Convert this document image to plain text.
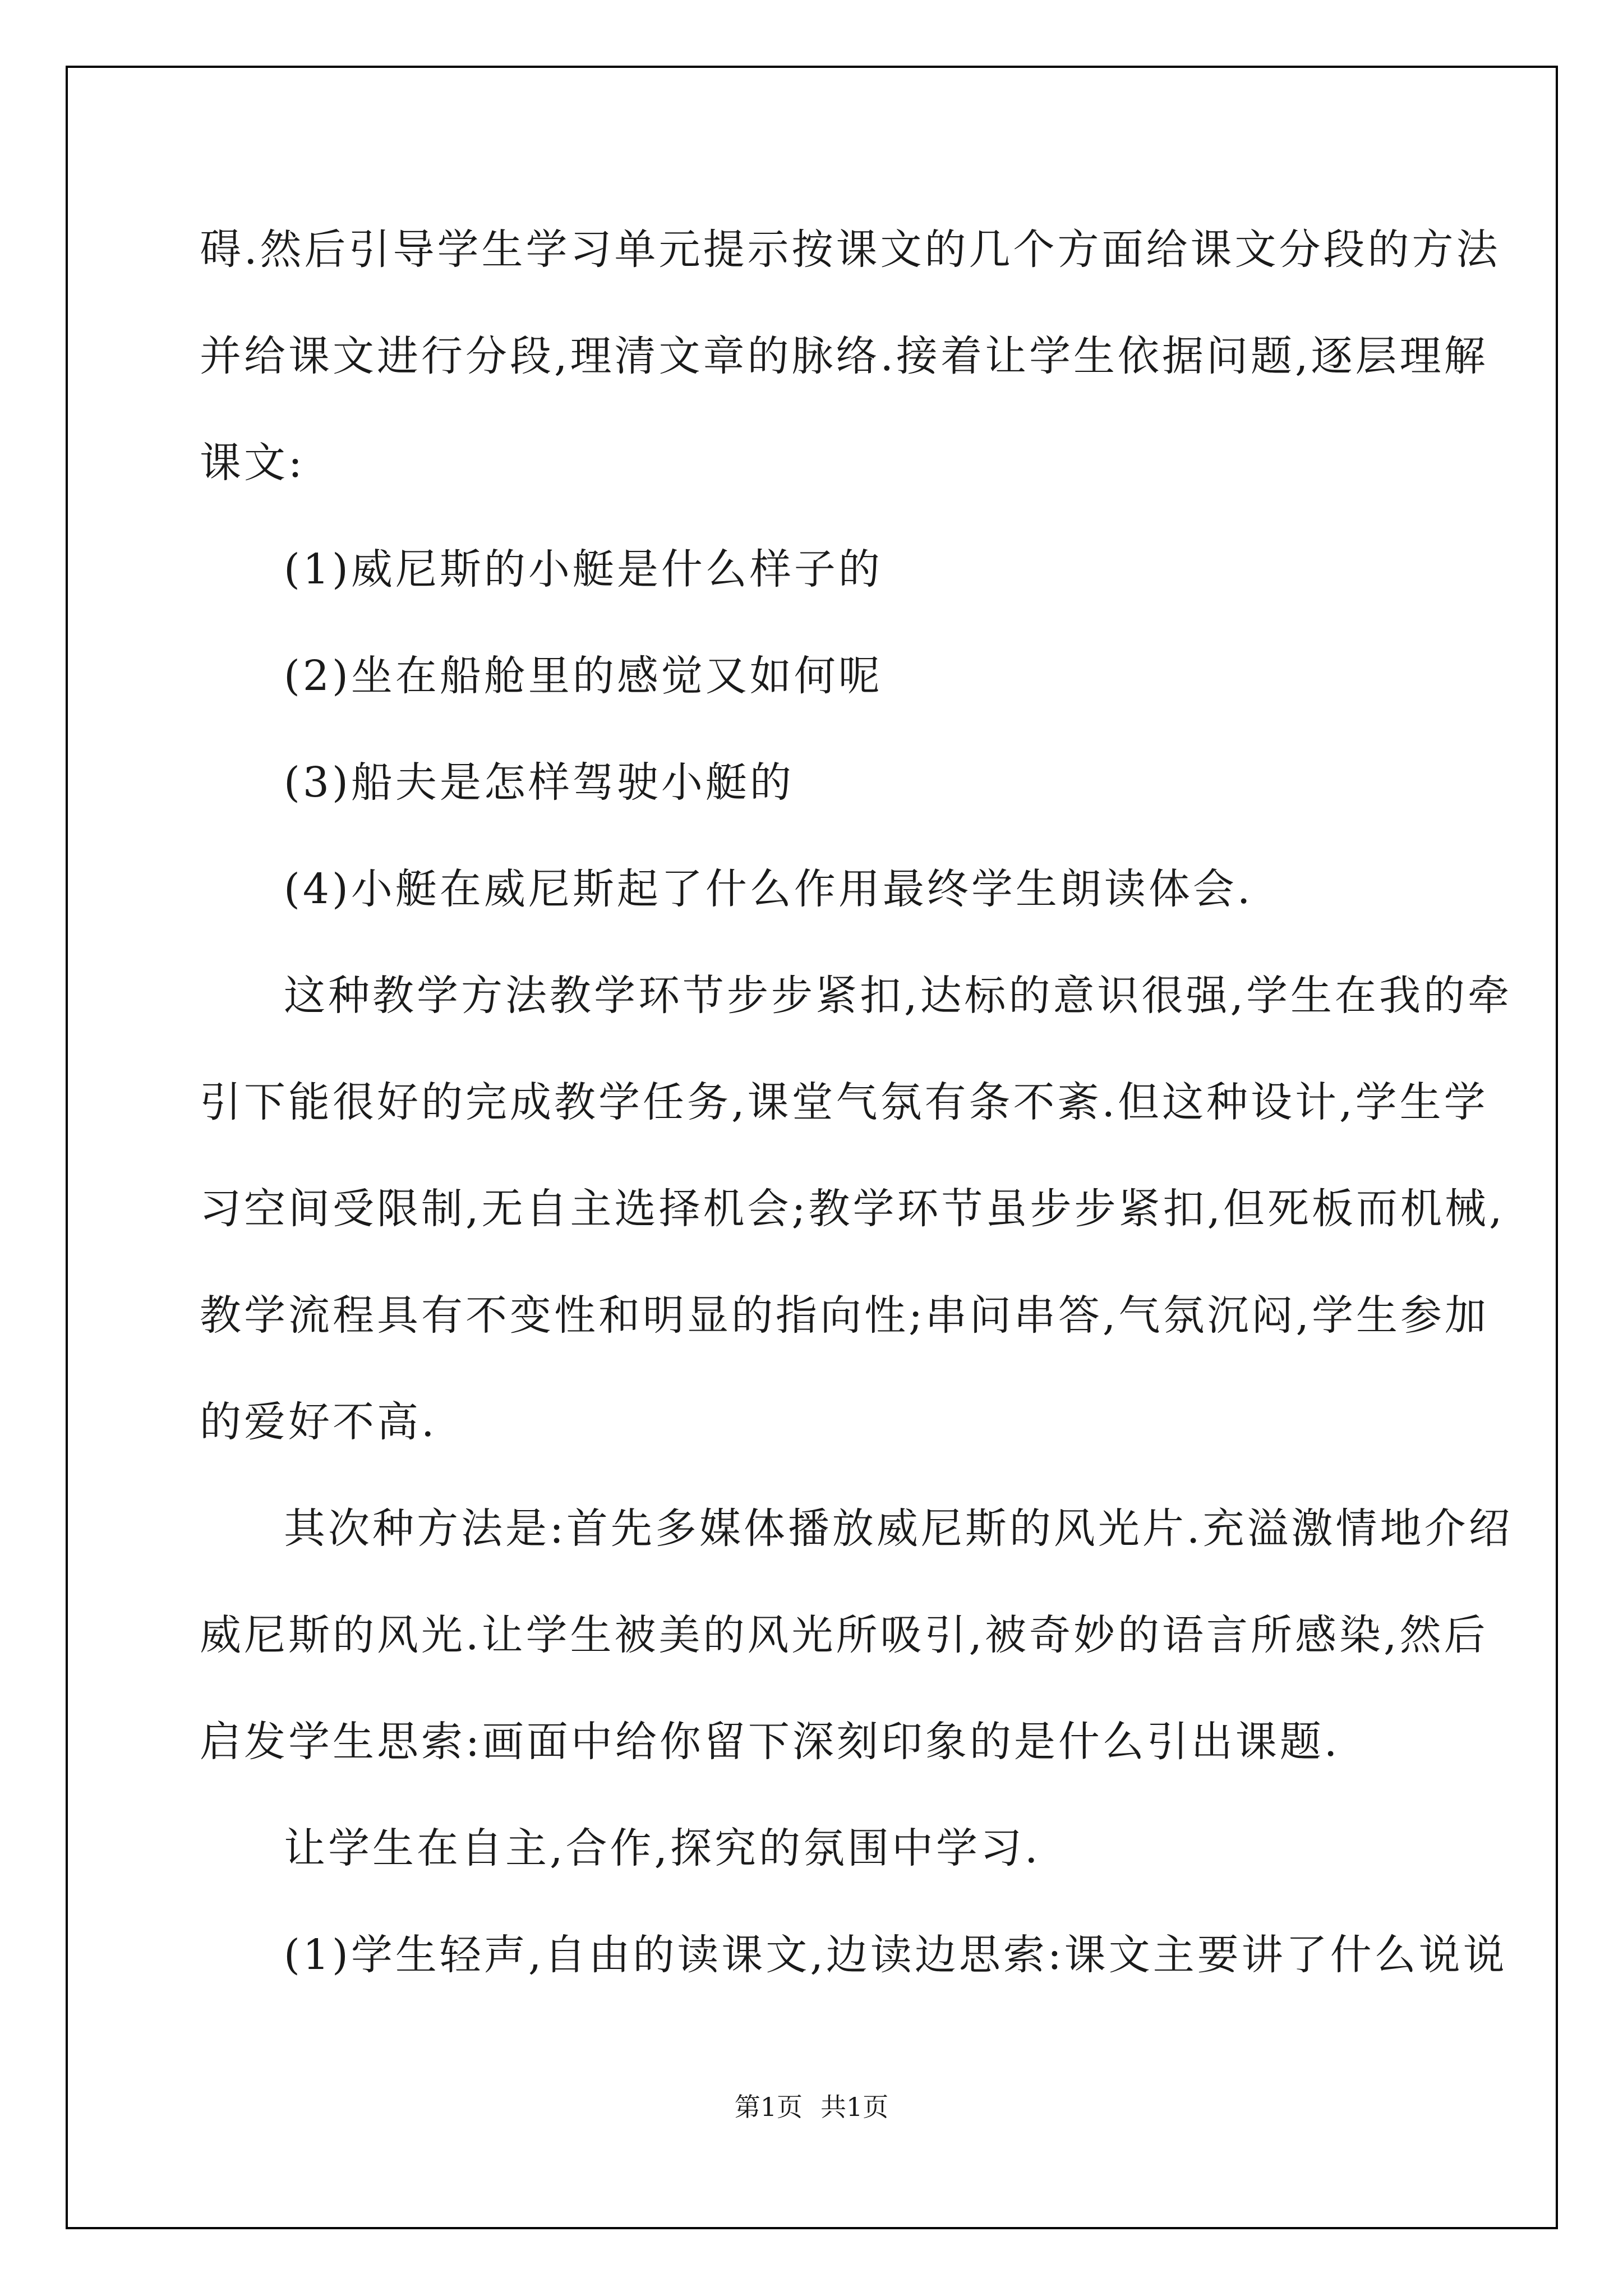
碍.然后引导学生学习单元提示按课文的几个方面给课文分段的方法
并给课文进行分段,理清文章的脉络.接着让学生依据问题,逐层理解
课文:
(1)威尼斯的小艇是什么样子的
(2)坐在船舱里的感觉又如何呢
(3)船夫是怎样驾驶小艇的
(4)小艇在威尼斯起了什么作用最终学生朗读体会.
这种教学方法教学环节步步紧扣,达标的意识很强,学生在我的牵
引下能很好的完成教学任务,课堂气氛有条不紊.但这种设计,学生学
习空间受限制,无自主选择机会;教学环节虽步步紧扣,但死板而机械,
教学流程具有不变性和明显的指向性;串问串答,气氛沉闷,学生参加
的爱好不高.
其次种方法是:首先多媒体播放威尼斯的风光片.充溢激情地介绍
威尼斯的风光.让学生被美的风光所吸引,被奇妙的语言所感染,然后
启发学生思索:画面中给你留下深刻印象的是什么引出课题.
让学生在自主,合作,探究的氛围中学习.
(1)学生轻声,自由的读课文,边读边思索:课文主要讲了什么说说
第1页 共1页
